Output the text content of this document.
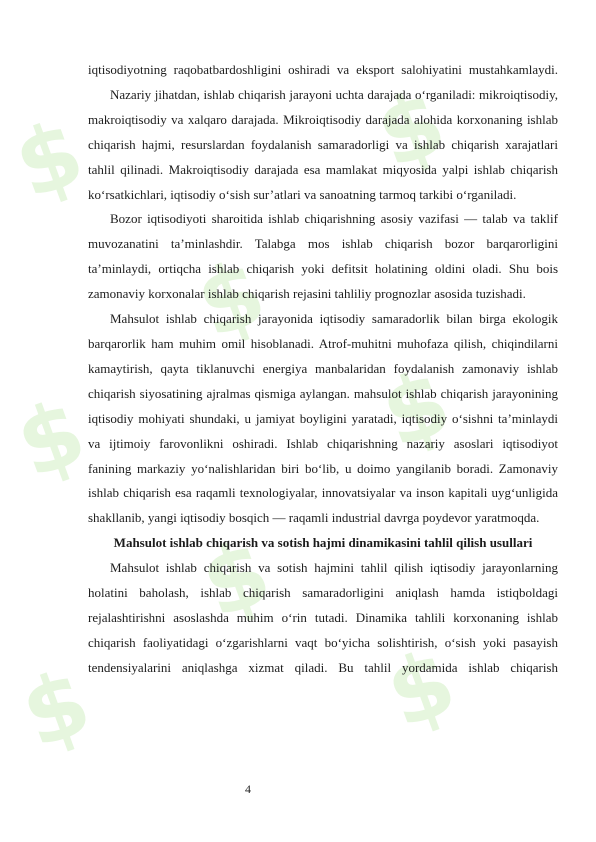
$
$
$
$
$
$
$
$

iqtisodiyotning raqobatbardoshligini oshiradi va eksport salohiyatini mustahkamlaydi.

Nazariy jihatdan, ishlab chiqarish jarayoni uchta darajada o‘rganiladi: mikroiqtisodiy, makroiqtisodiy va xalqaro darajada. Mikroiqtisodiy darajada alohida korxonaning ishlab chiqarish hajmi, resurslardan foydalanish samaradorligi va ishlab chiqarish xarajatlari tahlil qilinadi. Makroiqtisodiy darajada esa mamlakat miqyosida yalpi ishlab chiqarish ko‘rsatkichlari, iqtisodiy o‘sish sur’atlari va sanoatning tarmoq tarkibi o‘rganiladi.

Bozor iqtisodiyoti sharoitida ishlab chiqarishning asosiy vazifasi — talab va taklif muvozanatini ta’minlashdir. Talabga mos ishlab chiqarish bozor barqarorligini ta’minlaydi, ortiqcha ishlab chiqarish yoki defitsit holatining oldini oladi. Shu bois zamonaviy korxonalar ishlab chiqarish rejasini tahliliy prognozlar asosida tuzishadi.

Mahsulot ishlab chiqarish jarayonida iqtisodiy samaradorlik bilan birga ekologik barqarorlik ham muhim omil hisoblanadi. Atrof-muhitni muhofaza qilish, chiqindilarni kamaytirish, qayta tiklanuvchi energiya manbalaridan foydalanish zamonaviy ishlab chiqarish siyosatining ajralmas qismiga aylangan. mahsulot ishlab chiqarish jarayonining iqtisodiy mohiyati shundaki, u jamiyat boyligini yaratadi, iqtisodiy o‘sishni ta’minlaydi va ijtimoiy farovonlikni oshiradi. Ishlab chiqarishning nazariy asoslari iqtisodiyot fanining markaziy yo‘nalishlaridan biri bo‘lib, u doimo yangilanib boradi. Zamonaviy ishlab chiqarish esa raqamli texnologiyalar, innovatsiyalar va inson kapitali uyg‘unligida shakllanib, yangi iqtisodiy bosqich — raqamli industrial davrga poydevor yaratmoqda.

Mahsulot ishlab chiqarish va sotish hajmi dinamikasini tahlil qilish usullari

Mahsulot ishlab chiqarish va sotish hajmini tahlil qilish iqtisodiy jarayonlarning holatini baholash, ishlab chiqarish samaradorligini aniqlash hamda istiqboldagi rejalashtirishni asoslashda muhim o‘rin tutadi. Dinamika tahlili korxonaning ishlab chiqarish faoliyatidagi o‘zgarishlarni vaqt bo‘yicha solishtirish, o‘sish yoki pasayish tendensiyalarini aniqlashga xizmat qiladi. Bu tahlil yordamida ishlab chiqarish

4
